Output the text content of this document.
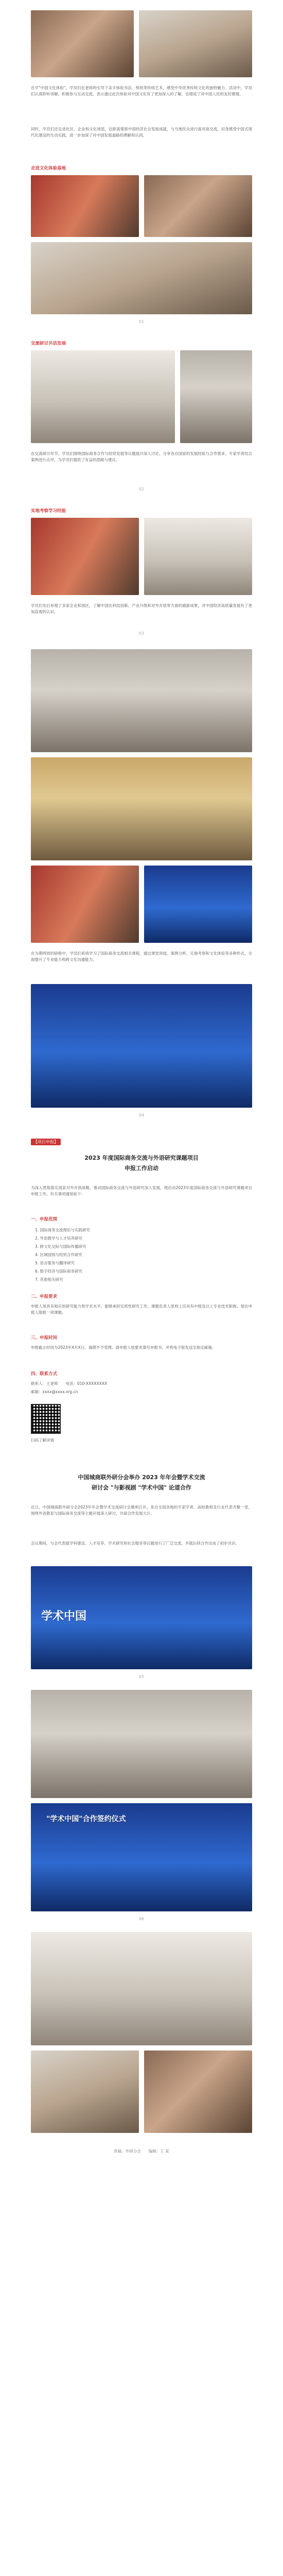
在学"中国文化体验"，学员们在老师的引导下亲手体验书法、剪纸等传统艺术，感受中华优秀传统文化的独特魅力。活动中，学员们认真聆听讲解，积极参与互动交流，表示通过此次体验对中国文化有了更加深入的了解，也增进了对中国人民的友好感情。
同时，学员们还走进社区、企业和文化场馆，近距离观察中国经济社会发展成就，与当地民众进行面对面交流，切身感受中国式现代化建设的生动实践，进一步加深了对中国发展道路的理解和认同。
走进文化体验基地
01
交流研讨共话发展
在交流研讨环节，学员们围绕国际商务合作与经贸发展等议题展开深入讨论，分享各自国家的发展经验与合作需求。专家学者结合案例进行点评，为学员们提供了有益的思路与建议。
02
实地考察学习经验
学员们先后参观了多家企业和园区，了解中国在科技创新、产业升级和对外开放等方面的最新成果，对中国经济高质量发展有了更加直观的认识。
03
在为期两周的研修中，学员们系统学习了国际商务交流相关课程，通过课堂讲授、案例分析、实地考察和文化体验等多种形式，全面提升了专业能力和跨文化沟通能力。
04
【项目申报】
2023 年度国际商务交流与外语研究课题项目
申报工作启动
为深入贯彻落实国家对外开放战略，推动国际商务交流与外语研究深入发展，现启动2023年度国际商务交流与外语研究课题项目申报工作。有关事项通知如下：
一、申报范围
1. 国际商务交流理论与实践研究
2. 外语教学与人才培养研究
3. 跨文化交际与国际传播研究
4. 区域国别与经贸合作研究
5. 语言服务与翻译研究
6. 数字经济与国际商务研究
7. 其他相关研究
二、申报要求
申报人须具有相应的研究能力和学术水平，能够承担实质性研究工作。课题负责人原则上应具有中级及以上专业技术职称。每位申报人限报一项课题。
三、申报时间
申报截止时间为2023年X月X日，逾期不予受理。请申报人按要求填写申报书，并将电子版发送至指定邮箱。
四、联系方式
联系人：王老师　　电话：010-XXXXXXXX
邮箱：xxxx@xxxx.org.cn
扫码了解详情
中国城商联外研分会举办 2023 年年会暨学术交流
研讨会 "与影视剧 "学术中国" 论道合作
近日，中国城商联外研分会2023年年会暨学术交流研讨会顺利召开。来自全国各地的专家学者、高校教师及行业代表齐聚一堂，围绕外语教育与国际商务交流等主题开展深入研讨，共商合作发展大计。
会议期间，与会代表就学科建设、人才培养、学术研究和社会服务等议题进行了广泛交流，并就后续合作达成了初步共识。
学术中国
05
"学术中国"合作签约仪式
06
供稿：外研分会　　编辑：王 某
